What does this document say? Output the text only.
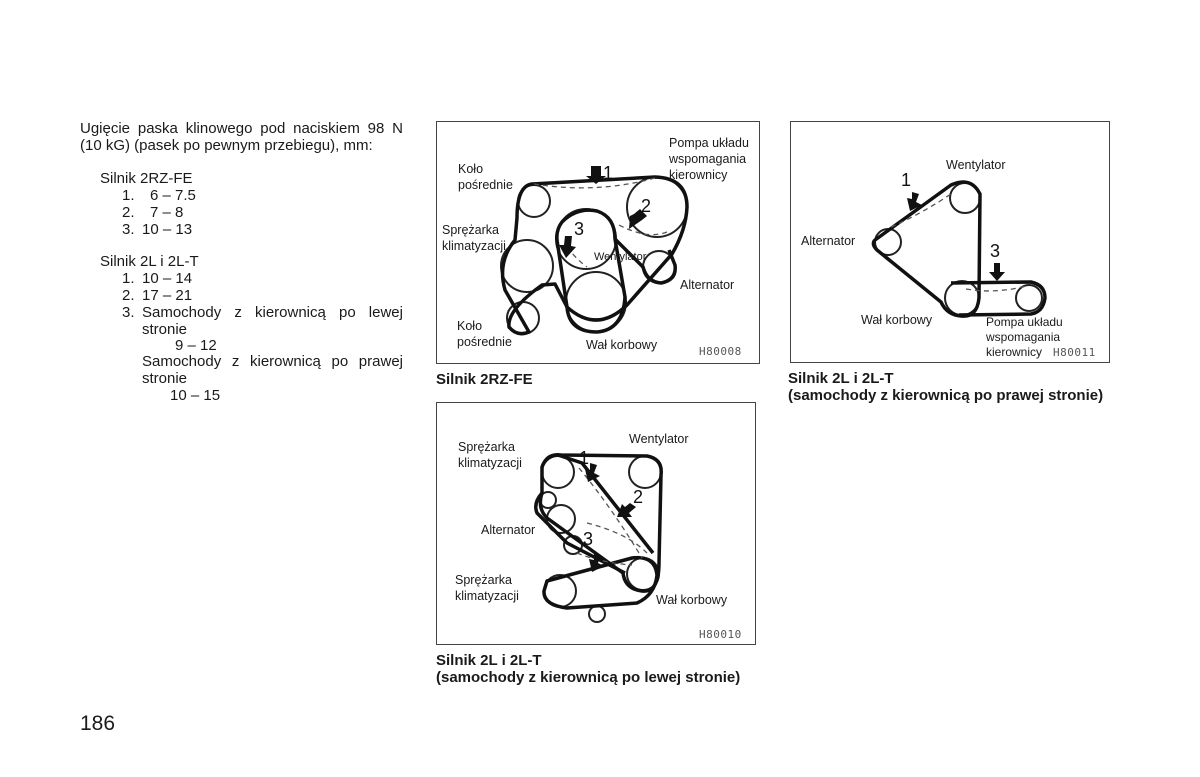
Ugięcie paska klinowego pod naciskiem 98 N (10 kG) (pasek po pewnym przebiegu), mm:
Silnik 2RZ-FE
1. 6 – 7.5
2. 7 – 8
3. 10 – 13
Silnik 2L i 2L-T
1. 10 – 14
2. 17 – 21
3. Samochody z kierownicą po lewej
stronie
9 – 12
Samochody z kierownicą po prawej
stronie
10 – 15
1
2
3
Koło
pośrednie
Pompa układu
wspomagania
kierownicy
Sprężarka
klimatyzacji
Wentylator
Alternator
Koło
pośrednie	Wał korbowy	H80008
Silnik 2RZ-FE
1
2
3
Sprężarka
klimatyzacji
Wentylator
Alternator
Sprężarka
klimatyzacji	Wał korbowy
H80010
Silnik 2L i 2L-T
(samochody z kierownicą po lewej stronie)
1
3
Wentylator
Alternator
Wał korbowy	Pompa układu
wspomagania
kierownicy H80011
Silnik 2L i 2L-T
(samochody z kierownicą po prawej stronie)
186
